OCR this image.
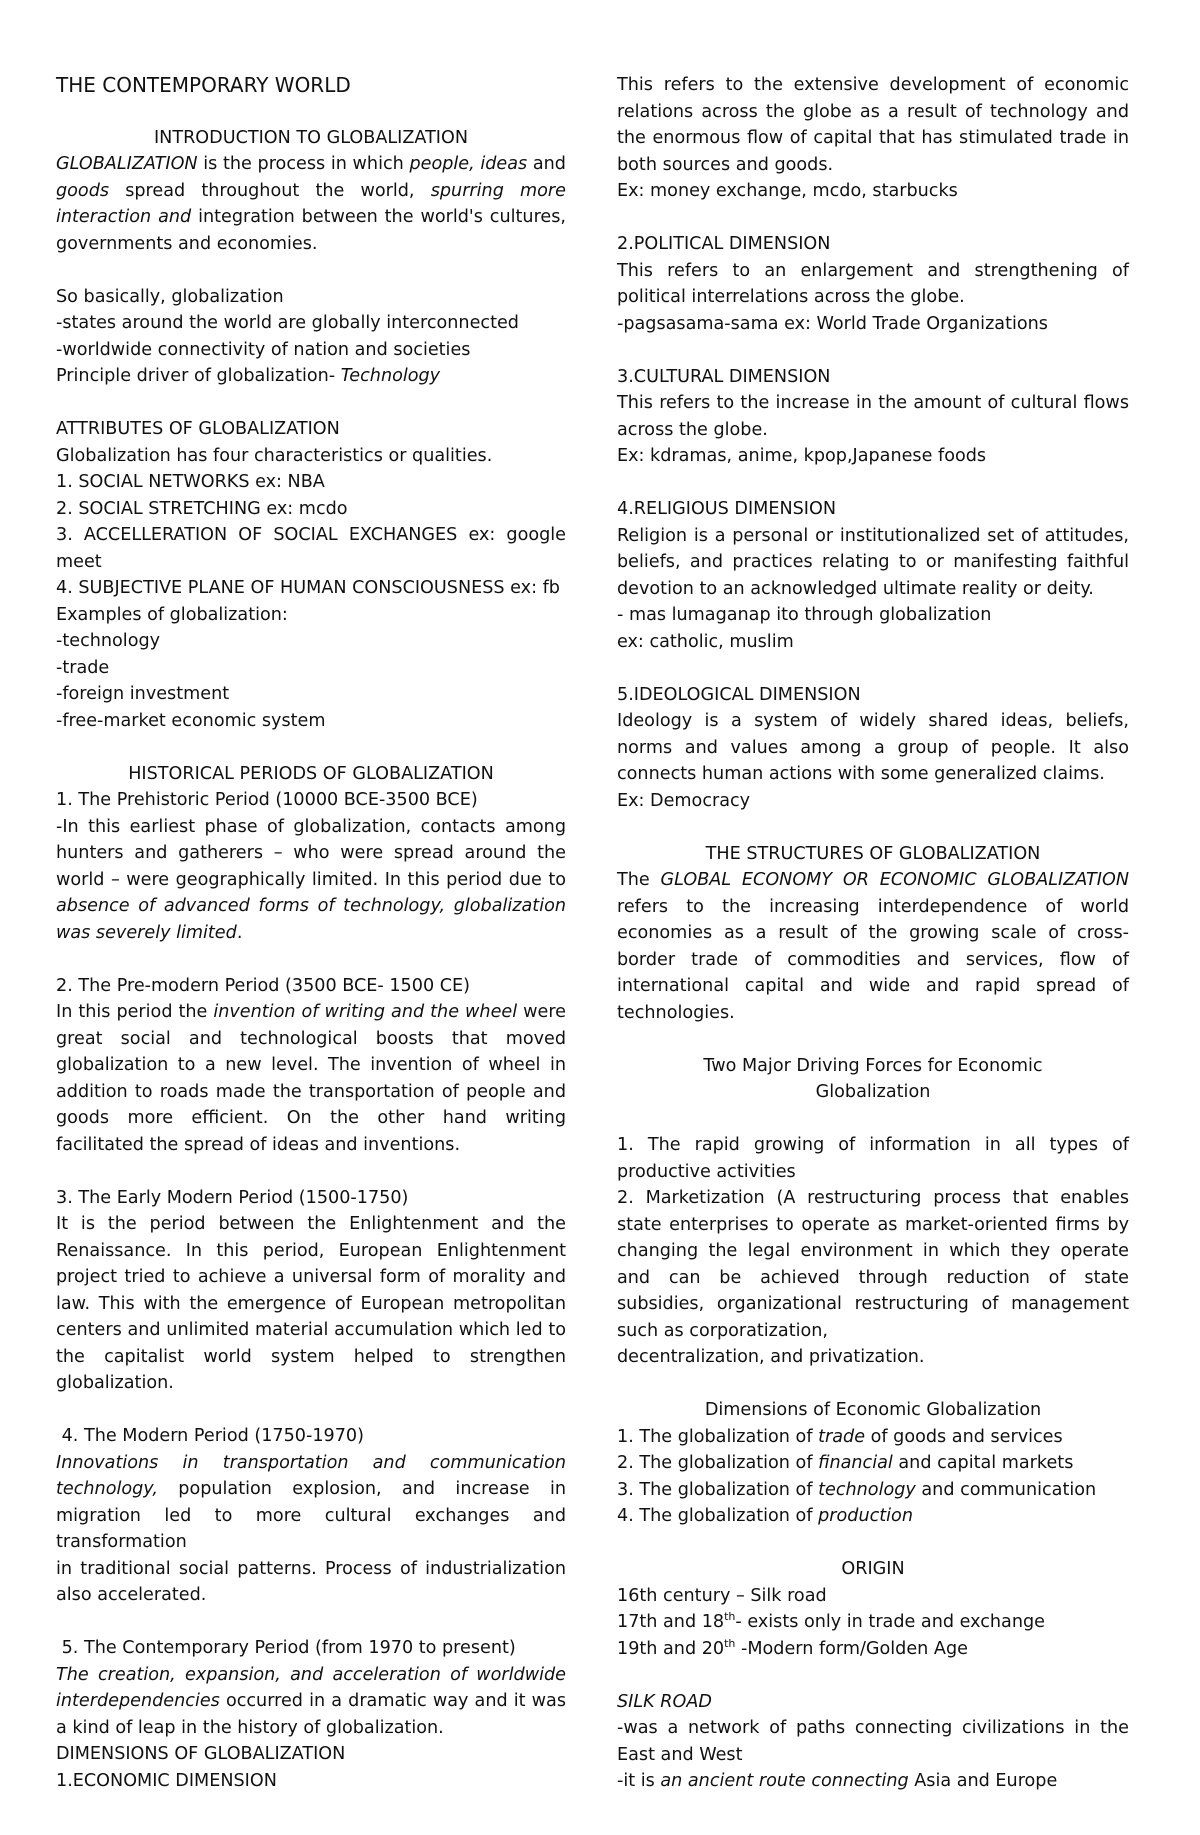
THE CONTEMPORARY WORLD

INTRODUCTION TO GLOBALIZATION

GLOBALIZATION is the process in which people, ideas and goods spread throughout the world, spurring more interaction and integration between the world's cultures, governments and economies.

So basically, globalization

-states around the world are globally interconnected

-worldwide connectivity of nation and societies

Principle driver of globalization- Technology

ATTRIBUTES OF GLOBALIZATION

Globalization has four characteristics or qualities.

1. SOCIAL NETWORKS ex: NBA

2. SOCIAL STRETCHING ex: mcdo

3. ACCELLERATION OF SOCIAL EXCHANGES ex: google meet

4. SUBJECTIVE PLANE OF HUMAN CONSCIOUSNESS ex: fb

Examples of globalization:

-technology

-trade

-foreign investment

-free-market economic system

HISTORICAL PERIODS OF GLOBALIZATION

1. The Prehistoric Period (10000 BCE-3500 BCE)

-In this earliest phase of globalization, contacts among hunters and gatherers – who were spread around the world – were geographically limited. In this period due to absence of advanced forms of technology, globalization was severely limited.

2. The Pre-modern Period (3500 BCE- 1500 CE)

In this period the invention of writing and the wheel were great social and technological boosts that moved globalization to a new level. The invention of wheel in addition to roads made the transportation of people and goods more efficient. On the other hand writing facilitated the spread of ideas and inventions.

3. The Early Modern Period (1500-1750)

It is the period between the Enlightenment and the Renaissance. In this period, European Enlightenment project tried to achieve a universal form of morality and law. This with the emergence of European metropolitan centers and unlimited material accumulation which led to the capitalist world system helped to strengthen globalization.

4. The Modern Period (1750-1970)

Innovations in transportation and communication technology, population explosion, and increase in migration led to more cultural exchanges and transformation

in traditional social patterns. Process of industrialization also accelerated.

5. The Contemporary Period (from 1970 to present)

The creation, expansion, and acceleration of worldwide interdependencies occurred in a dramatic way and it was a kind of leap in the history of globalization.

DIMENSIONS OF GLOBALIZATION

1.ECONOMIC DIMENSION

This refers to the extensive development of economic relations across the globe as a result of technology and the enormous flow of capital that has stimulated trade in both sources and goods.

Ex: money exchange, mcdo, starbucks

2.POLITICAL DIMENSION

This refers to an enlargement and strengthening of political interrelations across the globe.

-pagsasama-sama ex: World Trade Organizations

3.CULTURAL DIMENSION

This refers to the increase in the amount of cultural flows across the globe.

Ex: kdramas, anime, kpop,Japanese foods

4.RELIGIOUS DIMENSION

Religion is a personal or institutionalized set of attitudes, beliefs, and practices relating to or manifesting faithful devotion to an acknowledged ultimate reality or deity.

- mas lumaganap ito through globalization

ex: catholic, muslim

5.IDEOLOGICAL DIMENSION

Ideology is a system of widely shared ideas, beliefs, norms and values among a group of people. It also connects human actions with some generalized claims.

Ex: Democracy

THE STRUCTURES OF GLOBALIZATION

The GLOBAL ECONOMY OR ECONOMIC GLOBALIZATION refers to the increasing interdependence of world economies as a result of the growing scale of cross-border trade of commodities and services, flow of international capital and wide and rapid spread of technologies.

Two Major Driving Forces for Economic

Globalization

1. The rapid growing of information in all types of productive activities

2. Marketization (A restructuring process that enables state enterprises to operate as market-oriented firms by changing the legal environment in which they operate and can be achieved through reduction of state subsidies, organizational restructuring of management such as corporatization,

decentralization, and privatization.

Dimensions of Economic Globalization

1. The globalization of trade of goods and services

2. The globalization of financial and capital markets

3. The globalization of technology and communication

4. The globalization of production

ORIGIN

16th century – Silk road

17th and 18th- exists only in trade and exchange

19th and 20th -Modern form/Golden Age

SILK ROAD

-was a network of paths connecting civilizations in the East and West

-it is an ancient route connecting Asia and Europe
